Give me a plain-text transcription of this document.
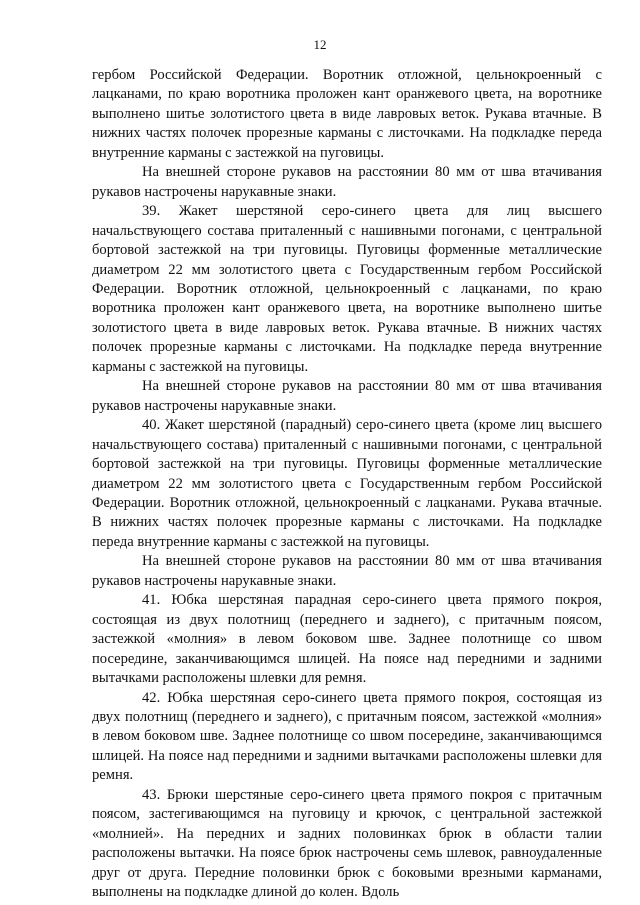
12

гербом Российской Федерации. Воротник отложной, цельнокроенный с лацканами, по краю воротника проложен кант оранжевого цвета, на воротнике выполнено шитье золотистого цвета в виде лавровых веток. Рукава втачные. В нижних частях полочек прорезные карманы с листочками. На подкладке переда внутренние карманы с застежкой на пуговицы.

На внешней стороне рукавов на расстоянии 80 мм от шва втачивания рукавов настрочены нарукавные знаки.

39. Жакет шерстяной серо-синего цвета для лиц высшего начальствующего состава приталенный с нашивными погонами, с центральной бортовой застежкой на три пуговицы. Пуговицы форменные металлические диаметром 22 мм золотистого цвета с Государственным гербом Российской Федерации. Воротник отложной, цельнокроенный с лацканами, по краю воротника проложен кант оранжевого цвета, на воротнике выполнено шитье золотистого цвета в виде лавровых веток. Рукава втачные. В нижних частях полочек прорезные карманы с листочками. На подкладке переда внутренние карманы с застежкой на пуговицы.

На внешней стороне рукавов на расстоянии 80 мм от шва втачивания рукавов настрочены нарукавные знаки.

40. Жакет шерстяной (парадный) серо-синего цвета (кроме лиц высшего начальствующего состава) приталенный с нашивными погонами, с центральной бортовой застежкой на три пуговицы. Пуговицы форменные металлические диаметром 22 мм золотистого цвета с Государственным гербом Российской Федерации. Воротник отложной, цельнокроенный с лацканами. Рукава втачные. В нижних частях полочек прорезные карманы с листочками. На подкладке переда внутренние карманы с застежкой на пуговицы.

На внешней стороне рукавов на расстоянии 80 мм от шва втачивания рукавов настрочены нарукавные знаки.

41. Юбка шерстяная парадная серо-синего цвета прямого покроя, состоящая из двух полотнищ (переднего и заднего), с притачным поясом, застежкой «молния» в левом боковом шве. Заднее полотнище со швом посередине, заканчивающимся шлицей. На поясе над передними и задними вытачками расположены шлевки для ремня.

42. Юбка шерстяная серо-синего цвета прямого покроя, состоящая из двух полотнищ (переднего и заднего), с притачным поясом, застежкой «молния» в левом боковом шве. Заднее полотнище со швом посередине, заканчивающимся шлицей. На поясе над передними и задними вытачками расположены шлевки для ремня.

43. Брюки шерстяные серо-синего цвета прямого покроя с притачным поясом, застегивающимся на пуговицу и крючок, с центральной застежкой «молнией». На передних и задних половинках брюк в области талии расположены вытачки. На поясе брюк настрочены семь шлевок, равноудаленные друг от друга. Передние половинки брюк с боковыми врезными карманами, выполнены на подкладке длиной до колен. Вдоль
